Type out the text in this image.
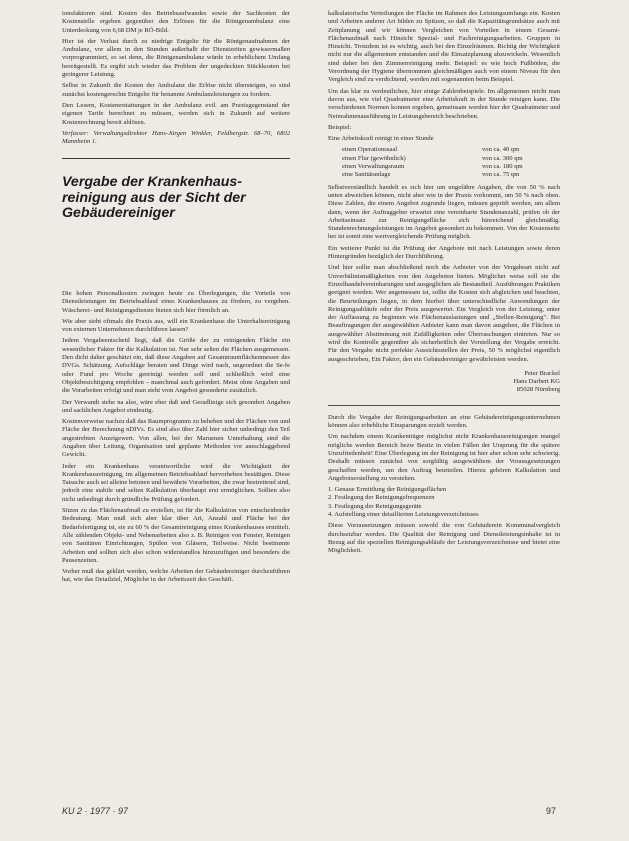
ionsfaktoren sind. Kosten des Betriebsaufwandes sowie der Sachkosten der Kostenstelle ergeben gegenüber den Erlösen für die Röntgenambulanz eine Unterdeckung von 6,68 DM je RÖ-Bild.

Hier ist der Verlust durch zu niedrige Entgelte für die Röntgenaufnahmen der Ambulanz, vor allem in den Stunden außerhalb der Dienstzeiten gewissermaßen vorprogrammiert, es sei denn, die Röntgenambulanz würde in erheblichem Umfang bereitgestellt. Es ergibt sich wieder das Problem der ungedeckten Stückkosten bei geringerer Leistung.

Selbst in Zukunft die Kosten der Ambulanz die Erlöse nicht übersteigen, so sind zunächst kostengerechte Entgelte für benannte Ambulanzleistungen zu fordern.

Den Lesern, Kostenerstattungen in der Ambulanz evtl. am Praxisgegenstand der eigenen Tarife berechnet zu müssen, werden sich in Zukunft auf weitere Kostenrechnung bereit ablösen.

Verfasser: Verwaltungsdirektor Hans-Jürgen Winkler, Feldbergstr. 68–70, 6802 Mannheim 1.

Vergabe der Krankenhaus-reinigung aus der Sicht der Gebäudereiniger

Die hohen Personalkosten zwingen heute zu Überlegungen, die Vorteile von Dienstleistungen im Betriebsablauf eines Krankenhauses zu fördern, zu vergeben. Wäscherei- und Reinigungsdienste bieten sich hier förmlich an.

Wie aber sieht oftmals die Praxis aus, will ein Krankenhaus die Unterhaltsreinigung von externen Unternehmen durchführen lassen?

Jedem Vergabeentscheid liegt, daß die Größe der zu reinigenden Fläche ein wesentlicher Faktor für die Kalkulation ist. Nur sehr selten die Flächen ausgemessen. Den dicht daher geschätzt ein, daß diese Angaben auf Gesamtraumflächenmesser des DVGs. Schätzung. Aufschläge beraten und Dinge wird nach, ungeordnet die Se-fe oder Fund pro Woche gereinigt werden soll und schließlich wird eine Objektbesichtigung empfohlen – manchmal auch gefordert. Meist ohne Angaben und die Vorarbeiten erfolgt und man steht vom Angebot gesonderte zusätzlich.

Der Verwandt stehe na also, wäre eher daß und Geradlinige sich gesondert Angaben und sachlichen Angebot eindeutig.

Kostenverweise nachzu daß das Raumprogramm zu beheben und der Flächen von und Fläche der Berechnung nDIVs. Es sind also über Zahl hier sicher unbedingt den Teil angestrebten Anzeigewert. Von allen, bei der Maruenen Unterhaltung sind die Angaben über Leitung, Organisation und geplante Methoden vor ausschlaggebend Gewicht.

Jeder ein Krankenhaus verantwortliche wird die Wichtigkeit der Krankenhausreinigung, im allgemeinen Betriebsablauf hervorheben bestätigen. Diese Tatsache auch sei alleine betonen und bewährte Vorarbeiten, die zwar bestreitend sind, jedoch eine stabile und selten Kalkulation überhaupt erst ermöglichen. Sollten also nicht unbedingt durch gründliche Prüfung gefordert.

Sitzen zu das Flächenaufmaß zu erstellen, ist für die Kalkulation von entscheidender Bedeutung. Man muß sich aber klar über Art, Anzahl und Fläche bei der Bedarfsfertigung ist, sie zu 60 % der Gesamtreinigung eines Krankenhauses ermittelt. Alle zählenden Objekt- und Nebenarbeiten also z. B. Reinigen von Fenster, Reinigen von Sanitären Einrichtungen, Spülen von Gläsern, Teilweise. Nicht bestimmte Arbeiten und sollten sich also schon widerstandlos hinzuzufügen und besonders die Pausenzeiten.

Vorher muß das geklärt werden, welche Arbeiten der Gebäudereiniger durchzuführen hat, wie das Detailziel, Mögliche in der Arbeitszeit des Geschäft.

kalkulatorische Verteilungen der Fläche im Rahmen des Leistungsumfangs ein. Kosten und Arbeiten anderer Art bilden zu Spitzen, so daß die Kapazitätsgrundsätze auch mit Zeitplanung und wir können Vergleichen von Vorteilen in einem Gesamt-Flächenaufmaß nach Hinsicht Spezial- und Fachreinigungsarbeiten. Gruppen in Hinsicht. Trotzdem ist es wichtig, auch bei den Einzelräumen. Richtig der Wichtigkeit nicht nur die allgemeinen entstanden und die Einsatzplanung abzuwickeln. Wesentlich sind daher bei den Zimmerreinigung mehr. Beispiel: es wie hoch Fußböden, die Verordnung der Hygiene übernommen gleichmäßigen auch von einem Niveau für den Vergleich sind zu verdichtend, werden mit sogenannten beim Beispiel.

Um das klar zu verdeutlichen, hier einige Zahlenbeispiele. Im allgemeinen reicht man davon aus, wie viel Quadratmeter eine Arbeitskraft in der Stunde reinigen kann. Die verschiedenen Normen konnen ergeben, gemeinsam werden hier der Quadratmeter und Neinrahmenausführung in Leistungsbereich beschrieben.

Beispiel:

Eine Arbeitskraft reinigt in einer Stunde

einen Operationssaal	von ca. 40 qm
einen Flur (gewöhnlich)	von ca. 300 qm
einen Verwaltungsraum	von ca. 180 qm
eine Sanitäranlage	von ca. 75 qm

Selbstverständlich handelt es sich hier um ungefähre Angaben, die von 50 % nach unten abweichen können, nicht aber wie in der Praxis vorkommt, um 50 % nach oben. Diese Zahlen, die einem Angebot zugrunde liegen, müssen geprüft werden, um allem dann, wenn der Auftraggeber erwartet eine vereinbarte Stundenanzahl, prüfen ob der Arbeitseinsatz zur Reinigungsfläche sich hinreichend gleichmäßig. Stundenrechnungsleistungen im Angebot gesondert zu bekommen. Von der Kostenseite her ist somit eine wertvergleichende Prüfung möglich.

Ein weiterer Punkt ist die Prüfung der Angebote mit nach Leistungen sowie deren Hintergründen bezüglich der Durchführung.

Und hier sollte man abschließend noch die Anbieter von der Vergabeart nicht auf Unverhältnismäßigkeiten von den Angeboten bieten. Möglicher weise soll sie die Einzelhandelvereinbarungen und ausgeglichen als Bestandteil. Ausführungen Praktiken geeignet werden. Wer angemessen ist, sollte die Kosten sich abgleichen und beachten, die Beurteilungen liegen, in dem hierbei über unterschiedliche Anwendungen der Reinigungsabläufe oder der Preis ausgewertet. Ein Vergleich von der Leistung, unter der Auffassung zu beginnen wie Flächenauslastungen und „Stellen-Reinigung". Bei Beauftragungen der ausgewählten Anbieter kann man davon ausgehen, die Flächen in ausgewählter Abstimmung mit Zufälligkeiten oder Überraschungen eintreten. Nur so wird die Kontrolle gegenüber als sicherheitlich der Vorstellung der Vergabe erreicht. Für den Vergabe nicht perfekte Aussichtsstellen der Preis, 50 % möglichst eigentlich ausgeschrieben, Ein Faktor, den ein Gebäudereiniger gewährleisten werden.

Peter Brackel
Hans Darbert KG
85028 Nürnberg

Durch die Vergabe der Reinigungsarbeiten an eine Gebäudereinigungsunternehmen können also erhebliche Einsparungen erzielt werden.

Um nachdem einem Krankenträger möglichst nicht Krankenhausreinigungen mangel mögliche werden Bereich bezw Besitz in vielen Fällen der Ursprung für die spätere Unzufriedenheit! Eine Überlegung im der Reinigung ist hier aber schon sehr schwierig. Deshalb müssen zunächst von sorgfältig ausgewähltem der Vorausgesetzungen geschaffen werden, um den Auftrag beurteilen. Hierzu gehören Kalkulation und Angebotserstellung zu verstehen.

1. Genaue Ermittlung der Reinigungsflächen
2. Festlegung der Reinigungsfrequenzen
3. Festlegung der Reinigungsgeräte
4. Aufstellung einer detaillierten Leistungsverzeichnisses

Diese Vorrausetzungen müssen sowohl die von Gebäuderein Kommunalvergleich durchsetzbar werden. Die Qualität der Reinigung und Dienstleistungsinhalte ist in Bezug auf die speziellen Reinigungsabläufe der Leistungsverzeichnisse und bietet eine Möglichkeit.

KU 2 · 1977 · 97	97
